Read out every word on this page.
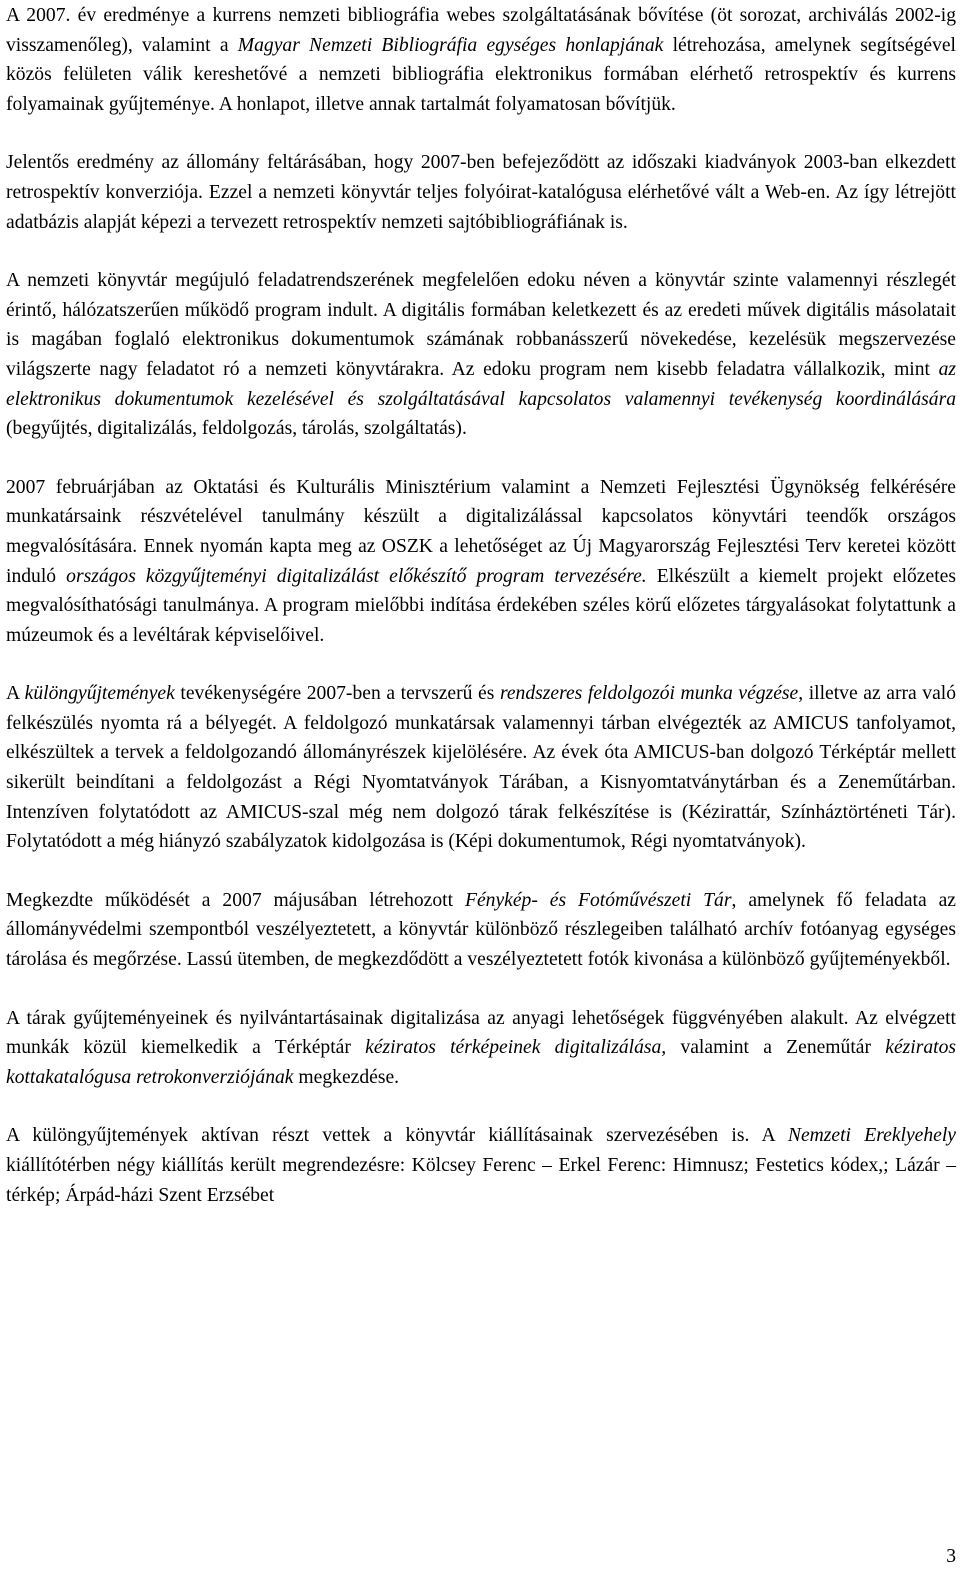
A 2007. év eredménye a kurrens nemzeti bibliográfia webes szolgáltatásának bővítése (öt sorozat, archiválás 2002-ig visszamenőleg), valamint a Magyar Nemzeti Bibliográfia egységes honlapjának létrehozása, amelynek segítségével közös felületen válik kereshetővé a nemzeti bibliográfia elektronikus formában elérhető retrospektív és kurrens folyamainak gyűjteménye. A honlapot, illetve annak tartalmát folyamatosan bővítjük.

Jelentős eredmény az állomány feltárásában, hogy 2007-ben befejeződött az időszaki kiadványok 2003-ban elkezdett retrospektív konverziója. Ezzel a nemzeti könyvtár teljes folyóirat-katalógusa elérhetővé vált a Web-en. Az így létrejött adatbázis alapját képezi a tervezett retrospektív nemzeti sajtóbibliográfiának is.

A nemzeti könyvtár megújuló feladatrendszerének megfelelően edoku néven a könyvtár szinte valamennyi részlegét érintő, hálózatszerűen működő program indult. A digitális formában keletkezett és az eredeti művek digitális másolatait is magában foglaló elektronikus dokumentumok számának robbanásszerű növekedése, kezelésük megszervezése világszerte nagy feladatot ró a nemzeti könyvtárakra. Az edoku program nem kisebb feladatra vállalkozik, mint az elektronikus dokumentumok kezelésével és szolgáltatásával kapcsolatos valamennyi tevékenység koordinálására (begyűjtés, digitalizálás, feldolgozás, tárolás, szolgáltatás).

2007 februárjában az Oktatási és Kulturális Minisztérium valamint a Nemzeti Fejlesztési Ügynökség felkérésére munkatársaink részvételével tanulmány készült a digitalizálással kapcsolatos könyvtári teendők országos megvalósítására. Ennek nyomán kapta meg az OSZK a lehetőséget az Új Magyarország Fejlesztési Terv keretei között induló országos közgyűjteményi digitalizálást előkészítő program tervezésére. Elkészült a kiemelt projekt előzetes megvalósíthatósági tanulmánya. A program mielőbbi indítása érdekében széles körű előzetes tárgyalásokat folytattunk a múzeumok és a levéltárak képviselőivel.

A különgyűjtemények tevékenységére 2007-ben a tervszerű és rendszeres feldolgozói munka végzése, illetve az arra való felkészülés nyomta rá a bélyegét. A feldolgozó munkatársak valamennyi tárban elvégezték az AMICUS tanfolyamot, elkészültek a tervek a feldolgozandó állományrészek kijelölésére. Az évek óta AMICUS-ban dolgozó Térképtár mellett sikerült beindítani a feldolgozást a Régi Nyomtatványok Tárában, a Kisnyomtatványtárban és a Zeneműtárban. Intenzíven folytatódott az AMICUS-szal még nem dolgozó tárak felkészítése is (Kézirattár, Színháztörténeti Tár). Folytatódott a még hiányzó szabályzatok kidolgozása is (Képi dokumentumok, Régi nyomtatványok).

Megkezdte működését a 2007 májusában létrehozott Fénykép- és Fotóművészeti Tár, amelynek fő feladata az állományvédelmi szempontból veszélyeztetett, a könyvtár különböző részlegeiben található archív fotóanyag egységes tárolása és megőrzése. Lassú ütemben, de megkezdődött a veszélyeztetett fotók kivonása a különböző gyűjteményekből.

A tárak gyűjteményeinek és nyilvántartásainak digitalizása az anyagi lehetőségek függvényében alakult. Az elvégzett munkák közül kiemelkedik a Térképtár kéziratos térképeinek digitalizálása, valamint a Zeneműtár kéziratos kottakatalógusa retrokonverziójának megkezdése.

A különgyűjtemények aktívan részt vettek a könyvtár kiállításainak szervezésében is. A Nemzeti Ereklyehely kiállítótérben négy kiállítás került megrendezésre: Kölcsey Ferenc – Erkel Ferenc: Himnusz; Festetics kódex,; Lázár – térkép; Árpád-házi Szent Erzsébet

3
